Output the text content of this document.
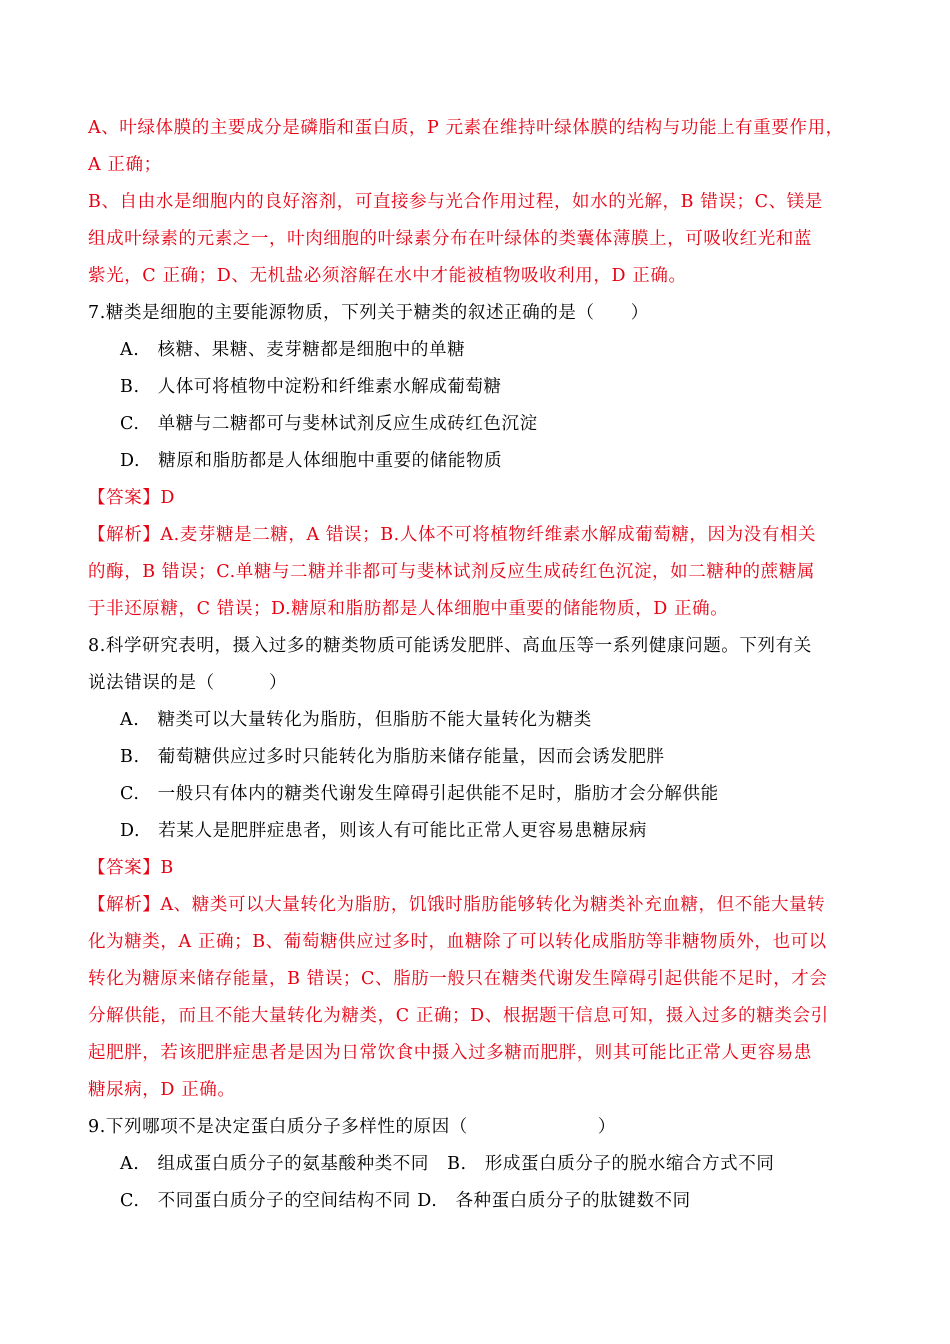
A、叶绿体膜的主要成分是磷脂和蛋白质，P 元素在维持叶绿体膜的结构与功能上有重要作用，
A 正确；
B、自由水是细胞内的良好溶剂，可直接参与光合作用过程，如水的光解，B 错误；C、镁是
组成叶绿素的元素之一，叶肉细胞的叶绿素分布在叶绿体的类囊体薄膜上，可吸收红光和蓝
紫光，C 正确；D、无机盐必须溶解在水中才能被植物吸收利用，D 正确。
7.糖类是细胞的主要能源物质，下列关于糖类的叙述正确的是（　　）
A.　核糖、果糖、麦芽糖都是细胞中的单糖
B.　人体可将植物中淀粉和纤维素水解成葡萄糖
C.　单糖与二糖都可与斐林试剂反应生成砖红色沉淀
D.　糖原和脂肪都是人体细胞中重要的储能物质
【答案】D
【解析】A.麦芽糖是二糖，A 错误；B.人体不可将植物纤维素水解成葡萄糖，因为没有相关
的酶，B 错误；C.单糖与二糖并非都可与斐林试剂反应生成砖红色沉淀，如二糖种的蔗糖属
于非还原糖，C 错误；D.糖原和脂肪都是人体细胞中重要的储能物质，D 正确。
8.科学研究表明，摄入过多的糖类物质可能诱发肥胖、高血压等一系列健康问题。下列有关
说法错误的是（　　　）
A.　糖类可以大量转化为脂肪，但脂肪不能大量转化为糖类
B.　葡萄糖供应过多时只能转化为脂肪来储存能量，因而会诱发肥胖
C.　一般只有体内的糖类代谢发生障碍引起供能不足时，脂肪才会分解供能
D.　若某人是肥胖症患者，则该人有可能比正常人更容易患糖尿病
【答案】B
【解析】A、糖类可以大量转化为脂肪，饥饿时脂肪能够转化为糖类补充血糖，但不能大量转
化为糖类，A 正确；B、葡萄糖供应过多时，血糖除了可以转化成脂肪等非糖物质外，也可以
转化为糖原来储存能量，B 错误；C、脂肪一般只在糖类代谢发生障碍引起供能不足时，才会
分解供能，而且不能大量转化为糖类，C 正确；D、根据题干信息可知，摄入过多的糖类会引
起肥胖，若该肥胖症患者是因为日常饮食中摄入过多糖而肥胖，则其可能比正常人更容易患
糖尿病，D 正确。
9.下列哪项不是决定蛋白质分子多样性的原因（	）
A.　组成蛋白质分子的氨基酸种类不同　B.　形成蛋白质分子的脱水缩合方式不同
C.　不同蛋白质分子的空间结构不同 D.　各种蛋白质分子的肽键数不同
